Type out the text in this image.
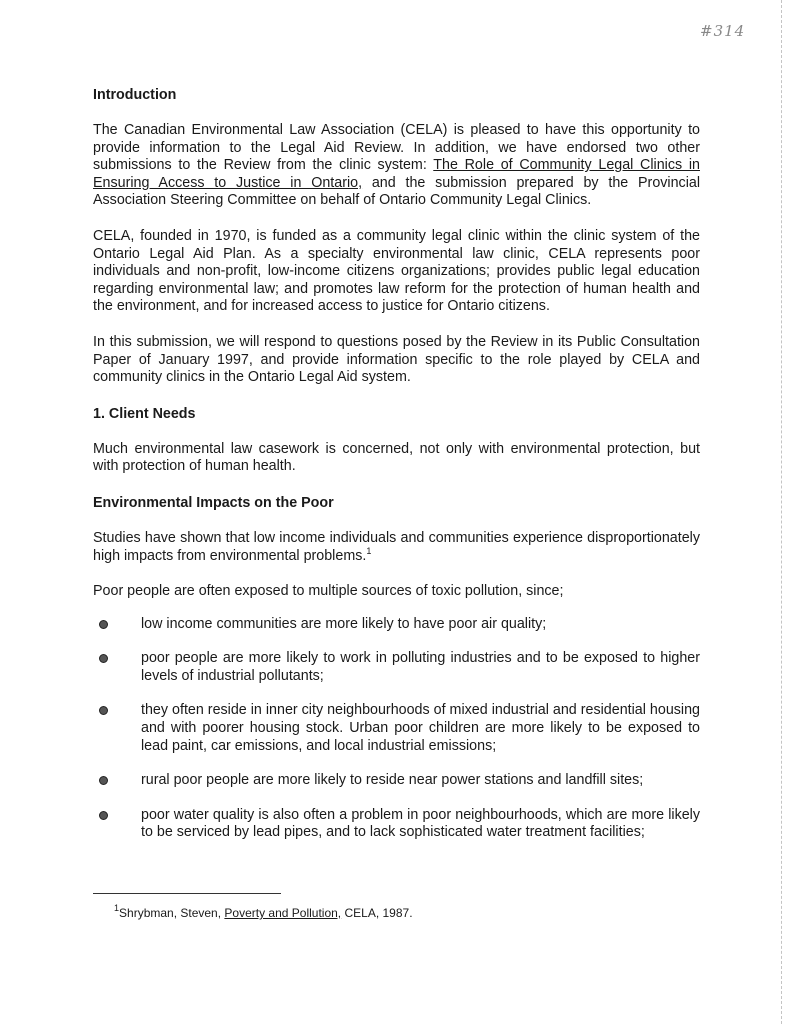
#314
Introduction

The Canadian Environmental Law Association (CELA) is pleased to have this opportunity to provide information to the Legal Aid Review. In addition, we have endorsed two other submissions to the Review from the clinic system: The Role of Community Legal Clinics in Ensuring Access to Justice in Ontario, and the submission prepared by the Provincial Association Steering Committee on behalf of Ontario Community Legal Clinics.

CELA, founded in 1970, is funded as a community legal clinic within the clinic system of the Ontario Legal Aid Plan. As a specialty environmental law clinic, CELA represents poor individuals and non-profit, low-income citizens organizations; provides public legal education regarding environmental law; and promotes law reform for the protection of human health and the environment, and for increased access to justice for Ontario citizens.

In this submission, we will respond to questions posed by the Review in its Public Consultation Paper of January 1997, and provide information specific to the role played by CELA and community clinics in the Ontario Legal Aid system.

1. Client Needs

Much environmental law casework is concerned, not only with environmental protection, but with protection of human health.

Environmental Impacts on the Poor

Studies have shown that low income individuals and communities experience disproportionately high impacts from environmental problems.$^1$

Poor people are often exposed to multiple sources of toxic pollution, since;

low income communities are more likely to have poor air quality;
poor people are more likely to work in polluting industries and to be exposed to higher levels of industrial pollutants;
they often reside in inner city neighbourhoods of mixed industrial and residential housing and with poorer housing stock. Urban poor children are more likely to be exposed to lead paint, car emissions, and local industrial emissions;
rural poor people are more likely to reside near power stations and landfill sites;
poor water quality is also often a problem in poor neighbourhoods, which are more likely to be serviced by lead pipes, and to lack sophisticated water treatment facilities;
$^1$Shrybman, Steven, Poverty and Pollution, CELA, 1987.
